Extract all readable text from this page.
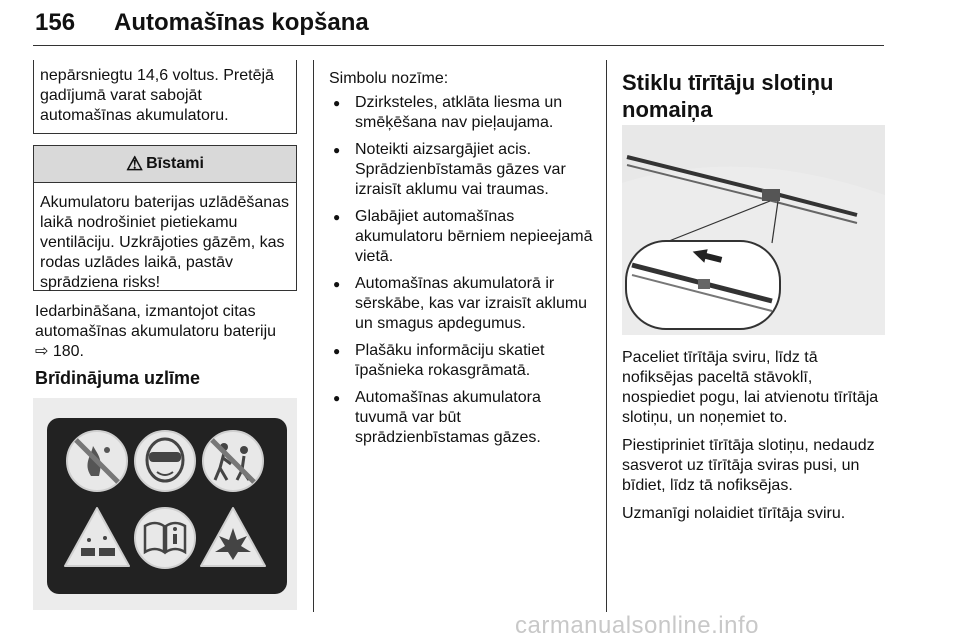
156 Automašīnas kopšana
nepārsniegtu 14,6 voltus. Pretējā gadījumā varat sabojāt automašīnas akumulatoru.
⚠ Bīstami
Akumulatoru baterijas uzlādēšanas laikā nodrošiniet pietiekamu ventilāciju. Uzkrājoties gāzēm, kas rodas uzlādes laikā, pastāv sprādziena risks!
Iedarbināšana, izmantojot citas automašīnas akumulatoru bateriju
⇨ 180.
Brīdinājuma uzlīme
Simbolu nozīme:
● Dzirksteles, atklāta liesma un smēķēšana nav pieļaujama.
● Noteikti aizsargājiet acis. Sprādzienbīstamās gāzes var izraisīt aklumu vai traumas.
● Glabājiet automašīnas akumulatoru bērniem nepieejamā vietā.
● Automašīnas akumulatorā ir sērskābe, kas var izraisīt aklumu un smagus apdegumus.
● Plašāku informāciju skatiet īpašnieka rokasgrāmatā.
● Automašīnas akumulatora tuvumā var būt sprādzienbīstamas gāzes.
Stiklu tīrītāju slotiņu nomaiņa

Paceliet tīrītāja sviru, līdz tā nofiksējas paceltā stāvoklī, nospiediet pogu, lai atvienotu tīrītāja slotiņu, un noņemiet to.

Piestipriniet tīrītāja slotiņu, nedaudz sasverot uz tīrītāja sviras pusi, un bīdiet, līdz tā nofiksējas.

Uzmanīgi nolaidiet tīrītāja sviru.

carmanualsonline.info
